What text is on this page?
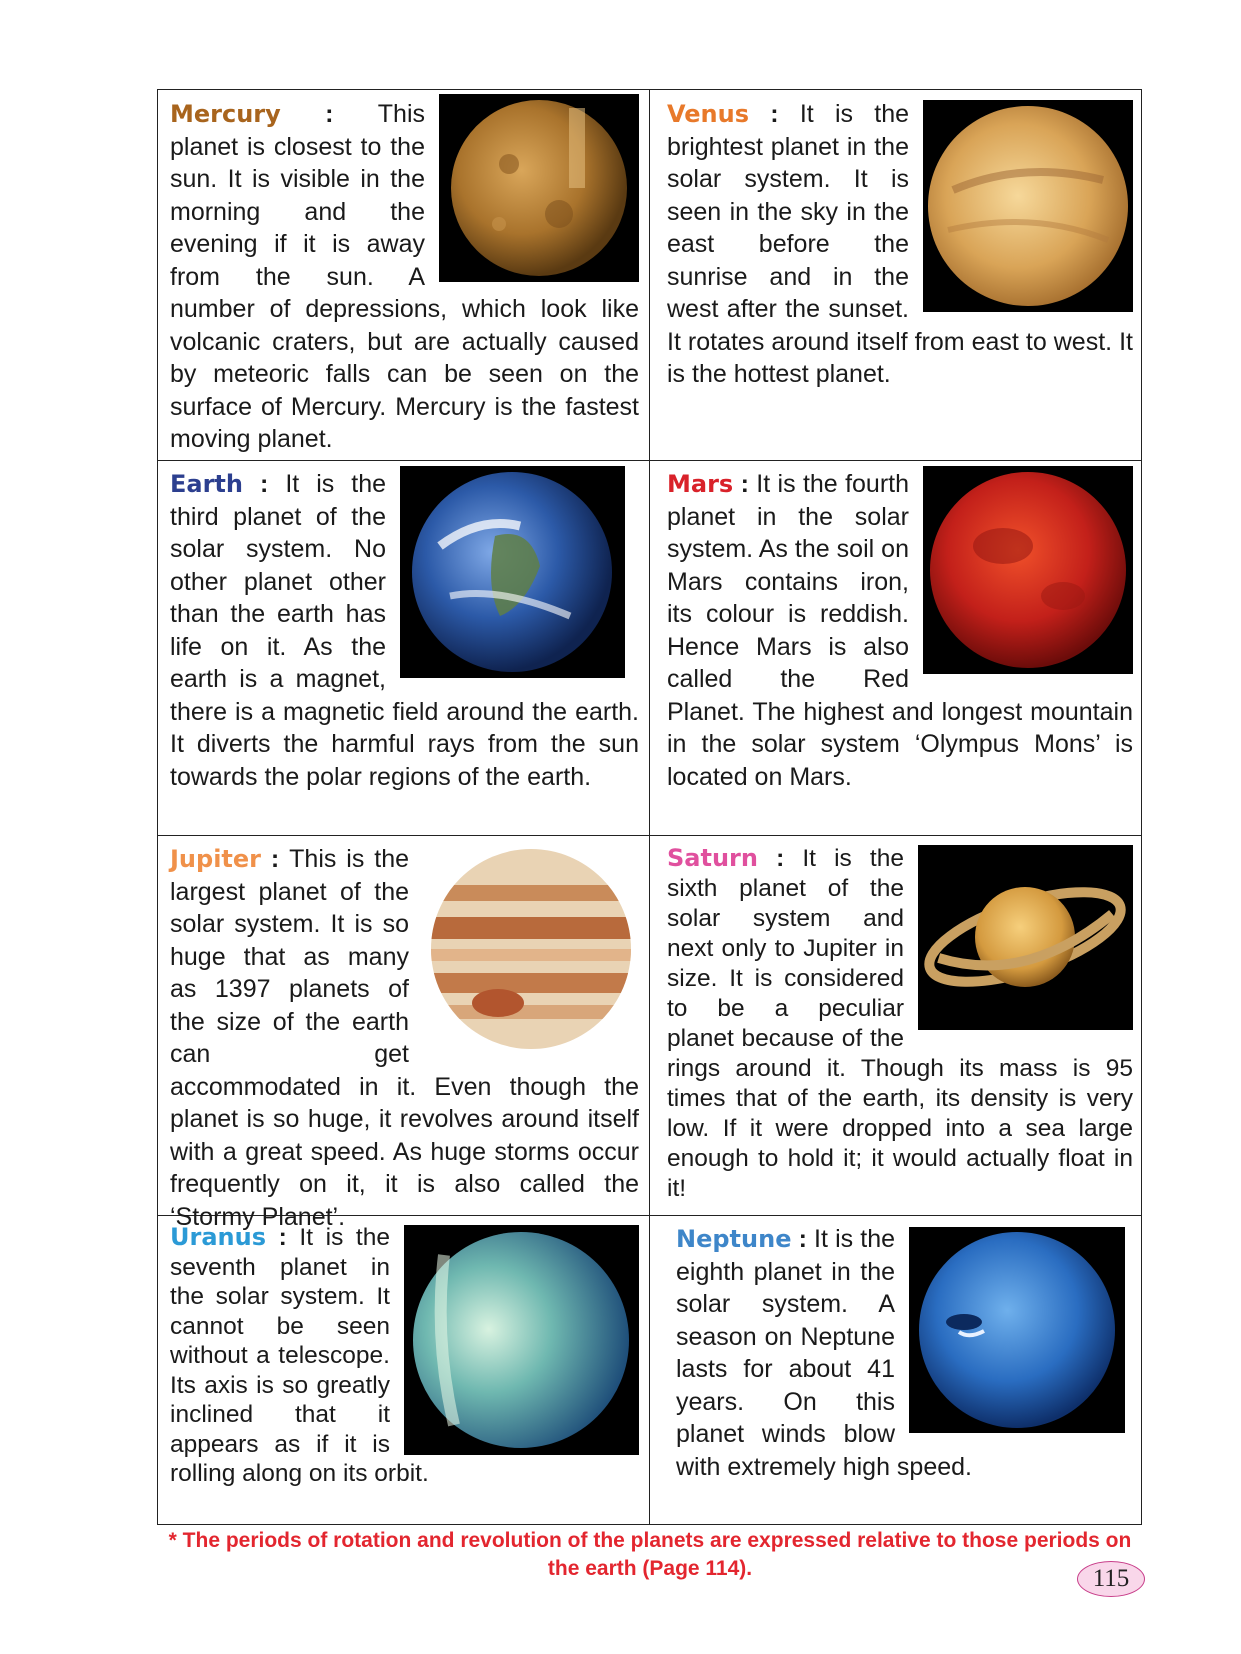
Mercury : This planet is closest to the sun. It is visible in the morning and the evening if it is away from the sun. A number of depressions, which look like volcanic craters, but are actually caused by meteoric falls can be seen on the surface of Mercury. Mercury is the fastest moving planet.

Venus : It is the brightest planet in the solar system. It is seen in the sky in the east before the sunrise and in the west after the sunset. It rotates around itself from east to west. It is the hottest planet.

Earth : It is the third planet of the solar system. No other planet other than the earth has life on it. As the earth is a magnet, there is a magnetic field around the earth. It diverts the harmful rays from the sun towards the polar regions of the earth.

Mars : It is the fourth planet in the solar system. As the soil on Mars contains iron, its colour is reddish. Hence Mars is also called the Red Planet. The highest and longest mountain in the solar system ‘Olympus Mons’ is located on Mars.

Jupiter : This is the largest planet of the solar system. It is so huge that as many as 1397 planets of the size of the earth can get accommodated in it. Even though the planet is so huge, it revolves around itself with a great speed. As huge storms occur frequently on it, it is also called the ‘Stormy Planet’.

Saturn : It is the sixth planet of the solar system and next only to Jupiter in size. It is considered to be a peculiar planet because of the rings around it. Though its mass is 95 times that of the earth, its density is very low. If it were dropped into a sea large enough to hold it; it would actually float in it!

Uranus : It is the seventh planet in the solar system. It cannot be seen without a telescope. Its axis is so greatly inclined that it appears as if it is rolling along on its orbit.

Neptune : It is the eighth planet in the solar system. A season on Neptune lasts for about 41 years. On this planet winds blow with extremely high speed.

* The periods of rotation and revolution of the planets are expressed relative to those periods on the earth (Page 114).	115
